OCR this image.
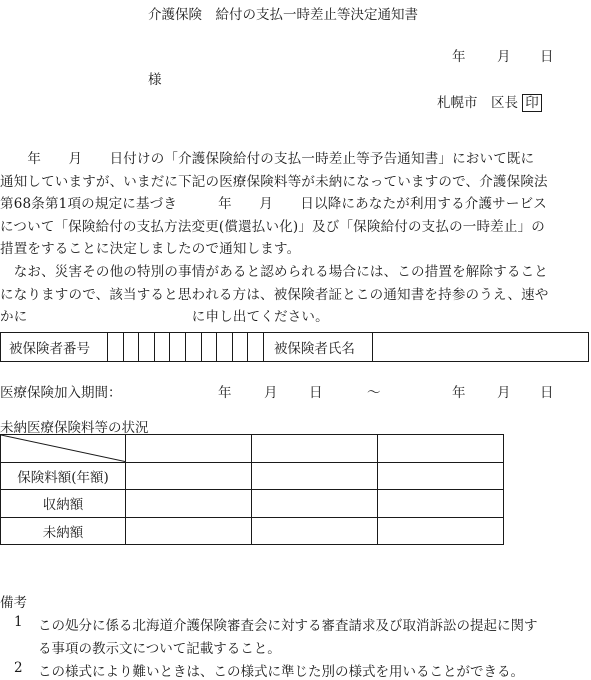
介護保険　給付の支払一時差止等決定通知書
年 月 日
様
札幌市　区長 印

　　年　　月　　日付けの「介護保険給付の支払一時差止等予告通知書」において既に

通知していますが、いまだに下記の医療保険料等が未納になっていますので、介護保険法

第68条第1項の規定に基づき　　　年　　月　　日以降にあなたが利用する介護サービス

について「保険給付の支払方法変更(償還払い化)」及び「保険給付の支払の一時差止」の

措置をすることに決定しましたので通知します。

　なお、災害その他の特別の事情があると認められる場合には、この措置を解除すること

になりますので、該当すると思われる方は、被保険者証とこの通知書を持参のうえ、速や

かに　　　　　　　　　　　　に申し出てください。

被保険者番号	被保険者氏名
医療保険加入期間：	年 月 日	～	年 月 日
未納医療保険料等の状況

保険料額(年額)			
収納額			
未納額			
備考
1 この処分に係る北海道介護保険審査会に対する審査請求及び取消訴訟の提起に関す
る事項の教示文について記載すること。
2 この様式により難いときは、この様式に準じた別の様式を用いることができる。
